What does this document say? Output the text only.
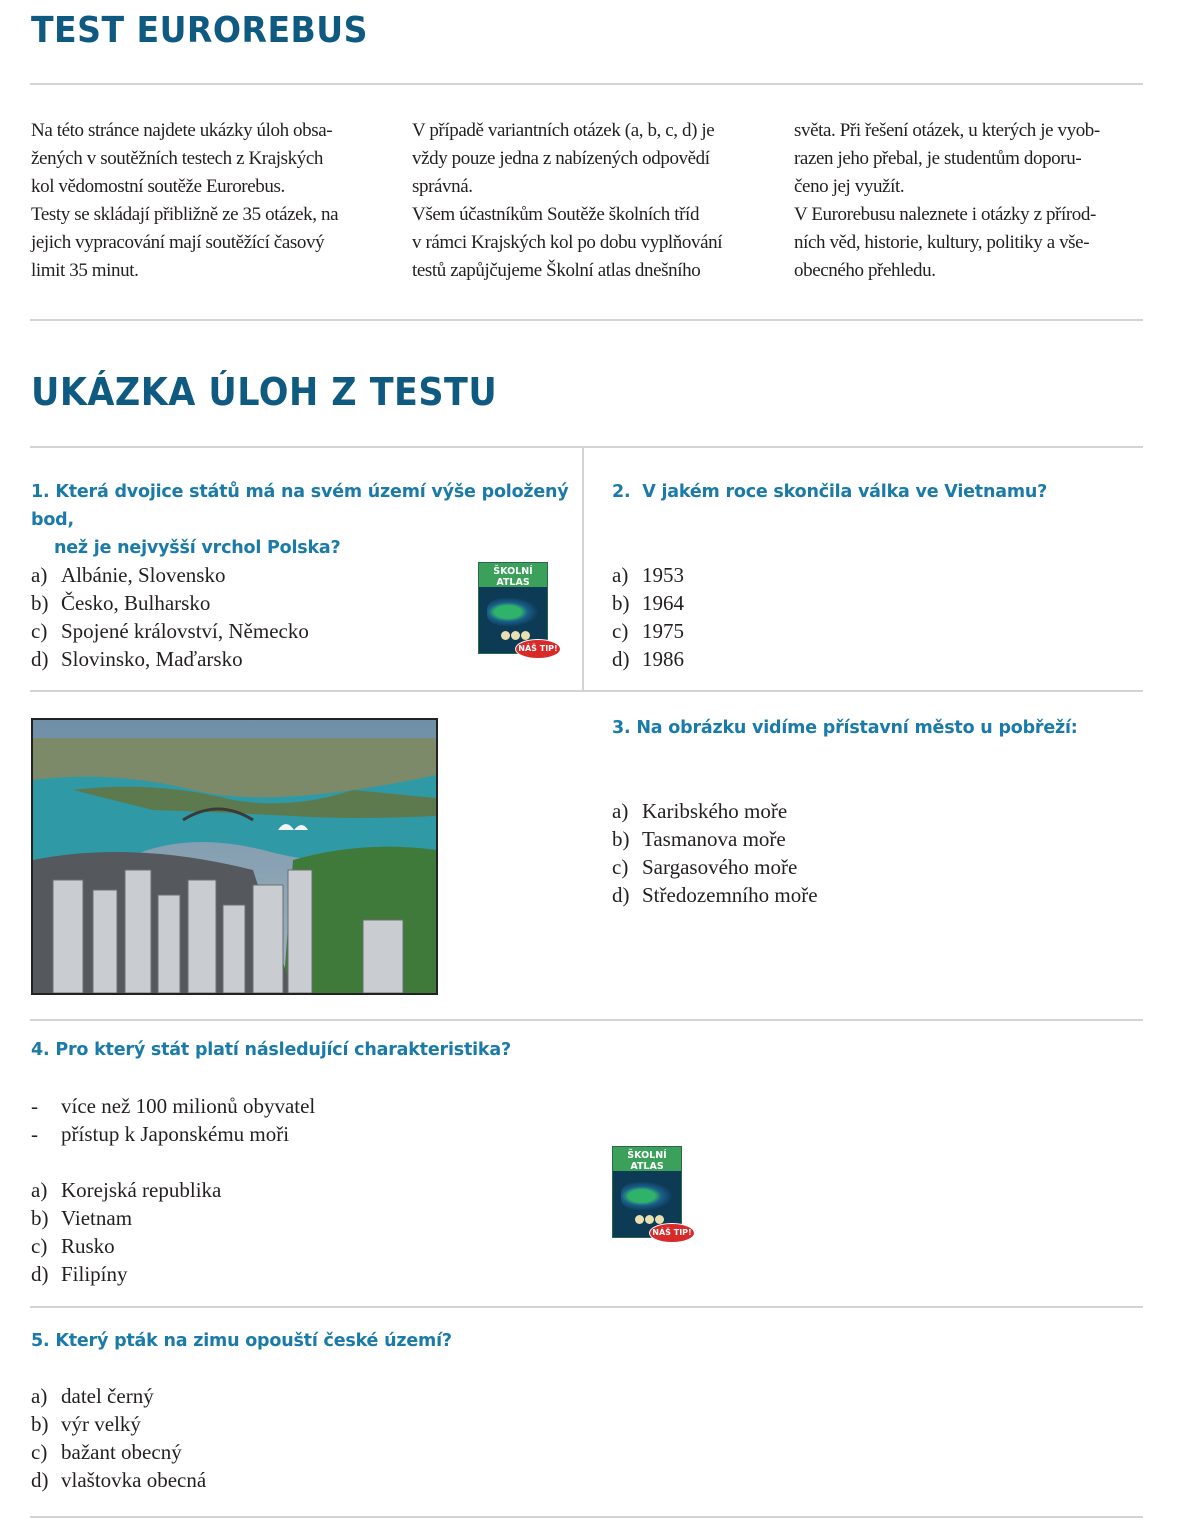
TEST EUROREBUS
Na této stránce najdete ukázky úloh obsa-
žených v soutěžních testech z Krajských
kol vědomostní soutěže Eurorebus.
Testy se skládají přibližně ze 35 otázek, na
jejich vypracování mají soutěžící časový
limit 35 minut.
V případě variantních otázek (a, b, c, d) je
vždy pouze jedna z nabízených odpovědí
správná.
Všem účastníkům Soutěže školních tříd
v rámci Krajských kol po dobu vyplňování
testů zapůjčujeme Školní atlas dnešního
světa. Při řešení otázek, u kterých je vyob-
razen jeho přebal, je studentům doporu-
čeno jej využít.
V Eurorebusu naleznete i otázky z přírod-
ních věd, historie, kultury, politiky a vše-
obecného přehledu.
UKÁZKA ÚLOH Z TESTU
1. Která dvojice států má na svém území výše položený bod,
než je nejvyšší vrchol Polska?
a) Albánie, Slovensko
b) Česko, Bulharsko
c) Spojené království, Německo
d) Slovinsko, Maďarsko
ŠKOLNÍ ATLAS
NÁŠ TIP!
2. V jakém roce skončila válka ve Vietnamu?
a) 1953
b) 1964
c) 1975
d) 1986
3. Na obrázku vidíme přístavní město u pobřeží:
a) Karibského moře
b) Tasmanova moře
c) Sargasového moře
d) Středozemního moře
4. Pro který stát platí následující charakteristika?
-	více než 100 milionů obyvatel
-	přístup k Japonskému moři
a) Korejská republika
b) Vietnam
c) Rusko
d) Filipíny
ŠKOLNÍ ATLAS
NÁŠ TIP!
5. Který pták na zimu opouští české území?
a) datel černý
b) výr velký
c) bažant obecný
d) vlaštovka obecná
